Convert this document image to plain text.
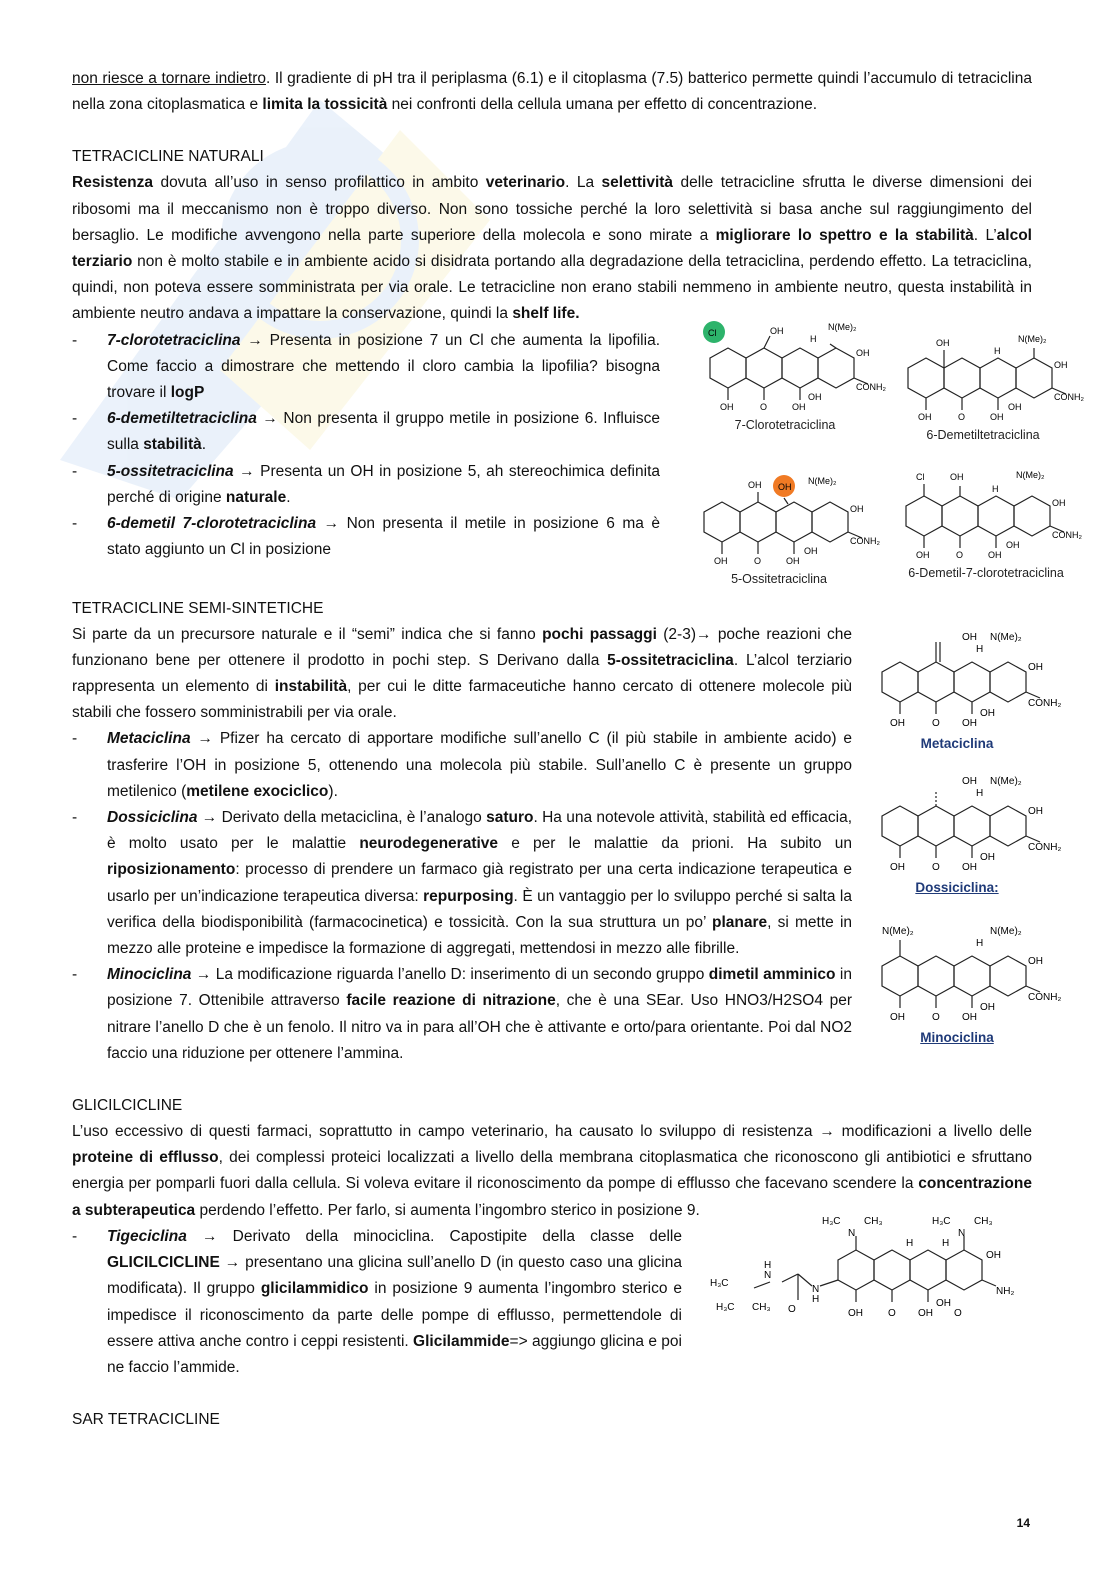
non riesce a tornare indietro. Il gradiente di pH tra il periplasma (6.1) e il citoplasma (7.5) batterico permette quindi l’accumulo di tetraciclina nella zona citoplasmatica e limita la tossicità nei confronti della cellula umana per effetto di concentrazione.

TETRACICLINE NATURALI

Resistenza dovuta all’uso in senso profilattico in ambito veterinario. La selettività delle tetracicline sfrutta le diverse dimensioni dei ribosomi ma il meccanismo non è troppo diverso. Non sono tossiche perché la loro selettività si basa anche sul raggiungimento del bersaglio. Le modifiche avvengono nella parte superiore della molecola e sono mirate a migliorare lo spettro e la stabilità. L’alcol terziario non è molto stabile e in ambiente acido si disidrata portando alla degradazione della tetraciclina, perdendo effetto. La tetraciclina, quindi, non poteva essere somministrata per via orale. Le tetracicline non erano stabili nemmeno in ambiente neutro, questa instabilità in ambiente neutro andava a impattare la conservazione, quindi la shelf life.

- 7-clorotetraciclina → Presenta in posizione 7 un Cl che aumenta la lipofilia. Come faccio a dimostrare che mettendo il cloro cambia la lipofilia? bisogna trovare il logP
- 6-demetiltetraciclina → Non presenta il gruppo metile in posizione 6. Influisce sulla stabilità.
- 5-ossitetraciclina → Presenta un OH in posizione 5, ah stereochimica definita perché di origine naturale.
- 6-demetil 7-clorotetraciclina → Non presenta il metile in posizione 6 ma è stato aggiunto un Cl in posizione
Cl	OH	N(Me)₂
H
OH
CONH₂
OH	O	OH
OH
7-Clorotetraciclina
OH	N(Me)₂
H
OH
CONH₂
OH	O	OH
OH
6-Demetiltetraciclina
OH OH
N(Me)₂
OH
CONH₂
OH	O	OH
OH
5-Ossitetraciclina
Cl	OH	N(Me)₂
H
OH
CONH₂
OH	O	OH
OH
6-Demetil-7-clorotetraciclina

TETRACICLINE SEMI-SINTETICHE

Si parte da un precursore naturale e il “semi” indica che si fanno pochi passaggi (2-3)→ poche reazioni che funzionano bene per ottenere il prodotto in pochi step. S Derivano dalla 5-ossitetraciclina. L’alcol terziario rappresenta un elemento di instabilità, per cui le ditte farmaceutiche hanno cercato di ottenere molecole più stabili che fossero somministrabili per via orale.

- Metaciclina → Pfizer ha cercato di apportare modifiche sull’anello C (il più stabile in ambiente acido) e trasferire l’OH in posizione 5, ottenendo una molecola più stabile. Sull’anello C è presente un gruppo metilenico (metilene exociclico).
- Dossiciclina → Derivato della metaciclina, è l’analogo saturo. Ha una notevole attività, stabilità ed efficacia, è molto usato per le malattie neurodegenerative e per le malattie da prioni. Ha subito un riposizionamento: processo di prendere un farmaco già registrato per una certa indicazione terapeutica e usarlo per un’indicazione terapeutica diversa: repurposing. È un vantaggio per lo sviluppo perché si salta la verifica della biodisponibilità (farmacocinetica) e tossicità. Con la sua struttura un po’ planare, si mette in mezzo alle proteine e impedisce la formazione di aggregati, mettendosi in mezzo alle fibrille.
- Minociclina → La modificazione riguarda l’anello D: inserimento di un secondo gruppo dimetil amminico in posizione 7. Ottenibile attraverso facile reazione di nitrazione, che è una SEar. Uso HNO3/H2SO4 per nitrare l’anello D che è un fenolo. Il nitro va in para all’OH che è attivante e orto/para orientante. Poi dal NO2 faccio una riduzione per ottenere l’ammina.
OH N(Me)₂
H
OH
CONH₂
OH	O OH
OH
Metaciclina
OH N(Me)₂
H
OH
CONH₂
OH	O OH
OH
Dossiciclina:
N(Me)₂	N(Me)₂
H
OH
CONH₂
OH	O OH
OH
Minociclina

GLICILCICLINE

L’uso eccessivo di questi farmaci, soprattutto in campo veterinario, ha causato lo sviluppo di resistenza → modificazioni a livello delle proteine di efflusso, dei complessi proteici localizzati a livello della membrana citoplasmatica che riconoscono gli antibiotici e sfruttano energia per pomparli fuori dalla cellula. Si voleva evitare il riconoscimento da pompe di efflusso che facevano scendere la concentrazione a subterapeutica perdendo l’effetto. Per farlo, si aumenta l’ingombro sterico in posizione 9.

- Tigeciclina → Derivato della minociclina. Capostipite della classe delle GLICILCICLINE → presentano una glicina sull’anello D (in questo caso una glicina modificata). Il gruppo glicilammidico in posizione 9 aumenta l’ingombro sterico e impedisce il riconoscimento da parte delle pompe di efflusso, permettendole di essere attiva anche contro i ceppi resistenti. Glicilammide=> aggiungo glicina e poi ne faccio l’ammide.
H₃C
N
CH₃	H₃C
N
CH₃
H	H
OH
NH₂
N
H
N
H
O
H₃C
H₃C CH₃
OH	O OH
OH
O

SAR TETRACICLINE

14
